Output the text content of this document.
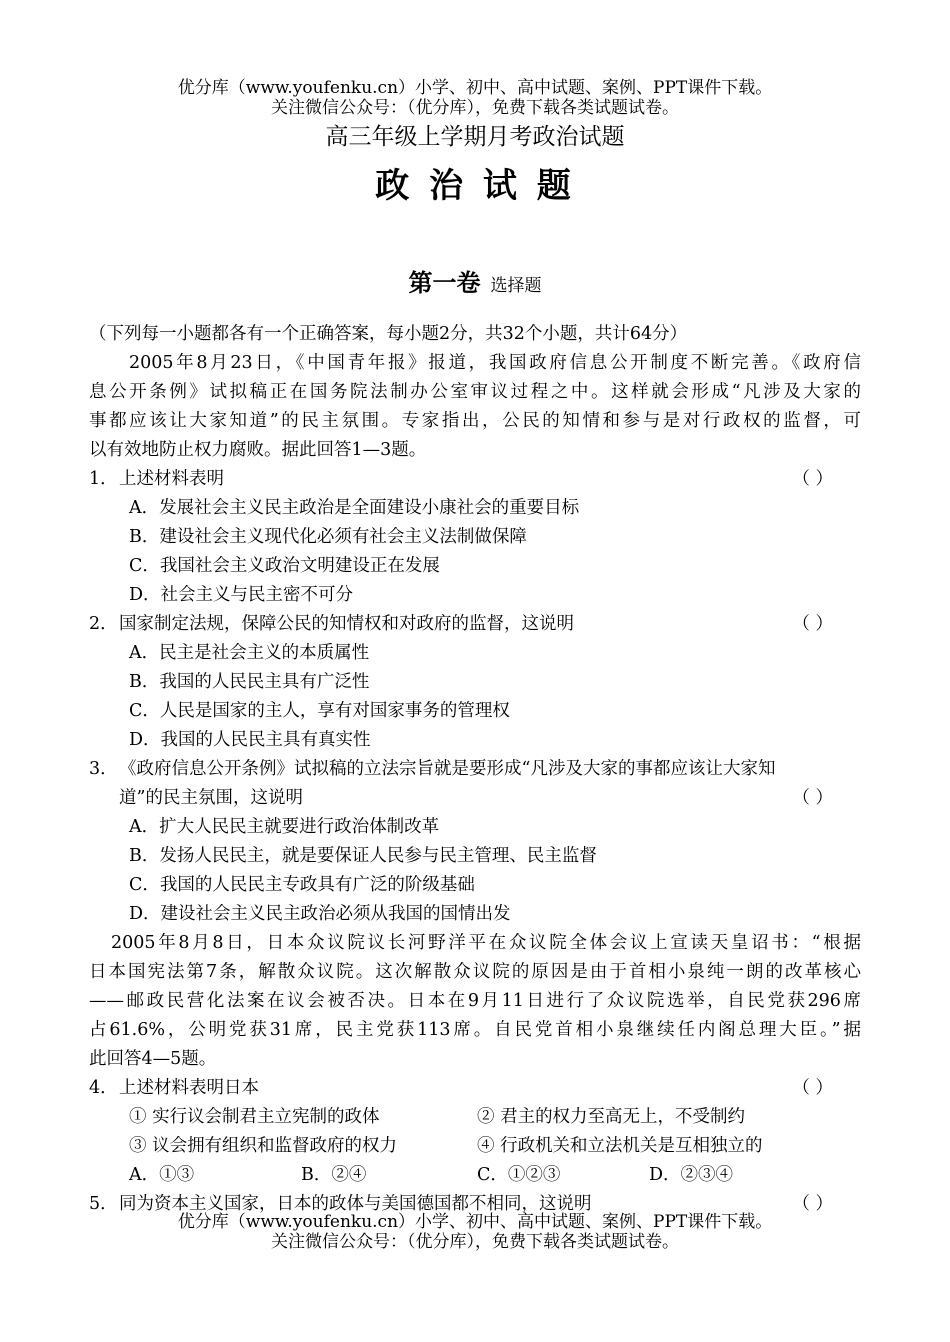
优分库（www.youfenku.cn）小学、初中、高中试题、案例、PPT课件下载。
关注微信公众号：（优分库），免费下载各类试题试卷。
高三年级上学期月考政治试题
政 治 试 题
第一卷 选择题
（下列每一小题都各有一个正确答案，每小题2分，共32个小题，共计64分）
2005年8月23日，《中国青年报》报道，我国政府信息公开制度不断完善。《政府信
息公开条例》试拟稿正在国务院法制办公室审议过程之中。这样就会形成“凡涉及大家的
事都应该让大家知道”的民主氛围。专家指出，公民的知情和参与是对行政权的监督，可
以有效地防止权力腐败。据此回答1—3题。
1． 上述材料表明	（ ）
A．发展社会主义民主政治是全面建设小康社会的重要目标
B．建设社会主义现代化必须有社会主义法制做保障
C．我国社会主义政治文明建设正在发展
D．社会主义与民主密不可分
2． 国家制定法规，保障公民的知情权和对政府的监督，这说明	（ ）
A．民主是社会主义的本质属性
B．我国的人民民主具有广泛性
C．人民是国家的主人，享有对国家事务的管理权
D．我国的人民民主具有真实性
3． 《政府信息公开条例》试拟稿的立法宗旨就是要形成“凡涉及大家的事都应该让大家知
道”的民主氛围，这说明	（ ）
A．扩大人民民主就要进行政治体制改革
B．发扬人民民主，就是要保证人民参与民主管理、民主监督
C．我国的人民民主专政具有广泛的阶级基础
D．建设社会主义民主政治必须从我国的国情出发
2005年8月8日，日本众议院议长河野洋平在众议院全体会议上宣读天皇诏书：“根据
日本国宪法第7条，解散众议院。这次解散众议院的原因是由于首相小泉纯一朗的改革核心
——邮政民营化法案在议会被否决。日本在9月11日进行了众议院选举，自民党获296席
占61.6%，公明党获31席，民主党获113席。自民党首相小泉继续任内阁总理大臣。”据
此回答4—5题。
4． 上述材料表明日本	（ ）
① 实行议会制君主立宪制的政体	② 君主的权力至高无上，不受制约
③ 议会拥有组织和监督政府的权力	④ 行政机关和立法机关是互相独立的
A．①③	B．②④	C．①②③	D．②③④
5． 同为资本主义国家，日本的政体与美国德国都不相同，这说明	（ ）
优分库（www.youfenku.cn）小学、初中、高中试题、案例、PPT课件下载。
关注微信公众号：（优分库），免费下载各类试题试卷。
